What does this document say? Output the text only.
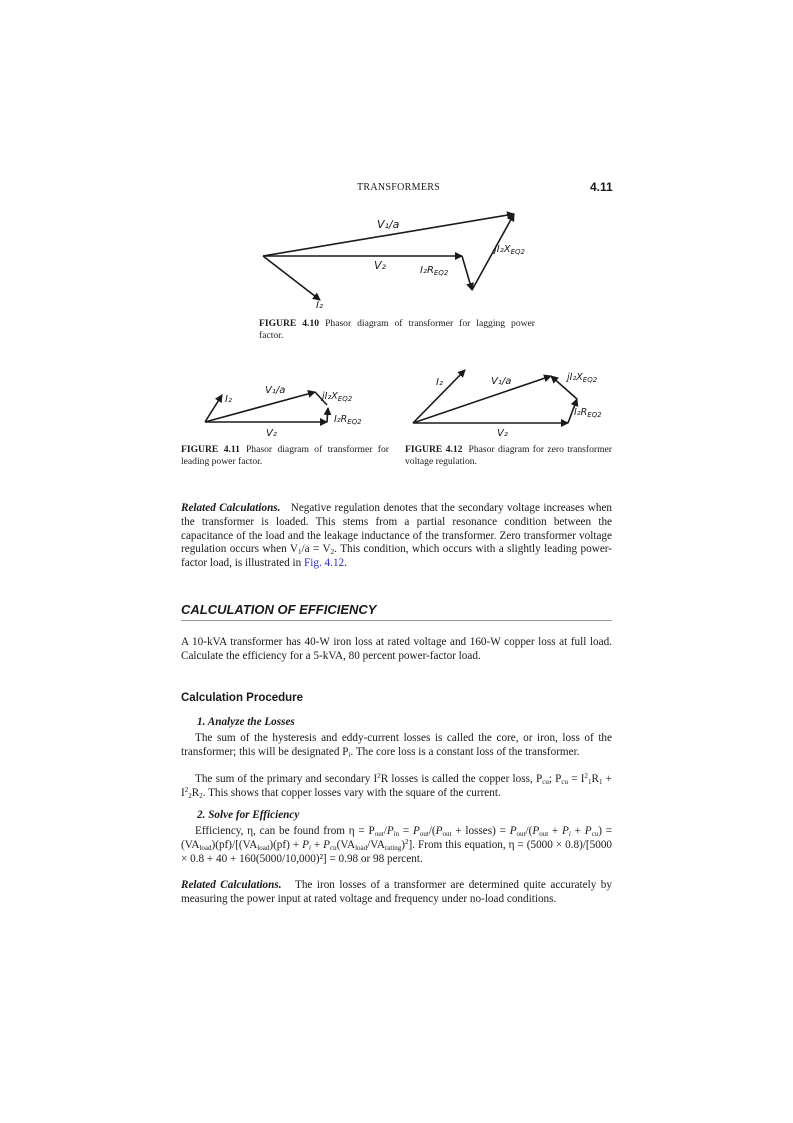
TRANSFORMERS	4.11
V₁/a
V₂	$I_2R_{EQ2}$
$jI_2X_{EQ2}$
I₂
FIGURE 4.10 Phasor diagram of transformer for lagging power factor.
I₂
V₁/a
$jI_2X_{EQ2}$
$I_2R_{EQ2}$
V₂
FIGURE 4.11 Phasor diagram of transformer for leading power factor.
I₂	V₁/a	$jI_2X_{EQ2}$
$I_2R_{EQ2}$
V₂
FIGURE 4.12 Phasor diagram for zero transformer voltage regulation.
Related Calculations. Negative regulation denotes that the secondary voltage increases when the transformer is loaded. This stems from a partial resonance condition between the capacitance of the load and the leakage inductance of the transformer. Zero transformer voltage regulation occurs when $V_1/a = V_2$. This condition, which occurs with a slightly leading power-factor load, is illustrated in Fig. 4.12.
CALCULATION OF EFFICIENCY
A 10-kVA transformer has 40-W iron loss at rated voltage and 160-W copper loss at full load. Calculate the efficiency for a 5-kVA, 80 percent power-factor load.
Calculation Procedure
1. Analyze the Losses
The sum of the hysteresis and eddy-current losses is called the core, or iron, loss of the transformer; this will be designated $P_i$. The core loss is a constant loss of the transformer.
The sum of the primary and secondary $I^2R$ losses is called the copper loss, $P_{cu}$; $P_{cu} = I^2_1R_1 + I^2_2R_2$. This shows that copper losses vary with the square of the current.
2. Solve for Efficiency
Efficiency, η, can be found from $\eta = P_{out}/P_{in} = P_{out}/(P_{out}$ + losses) = $P_{out}/(P_{out} + P_i + P_{cu}) = (VA_{load})(pf)/[(VA_{load})(pf) + P_i + P_{cu}(VA_{load}/VA_{rating})^2]$. From this equation, η = (5000 × 0.8)/[5000 × 0.8 + 40 + 160(5000/10,000)²] = 0.98 or 98 percent.
Related Calculations. The iron losses of a transformer are determined quite accurately by measuring the power input at rated voltage and frequency under no-load conditions.
